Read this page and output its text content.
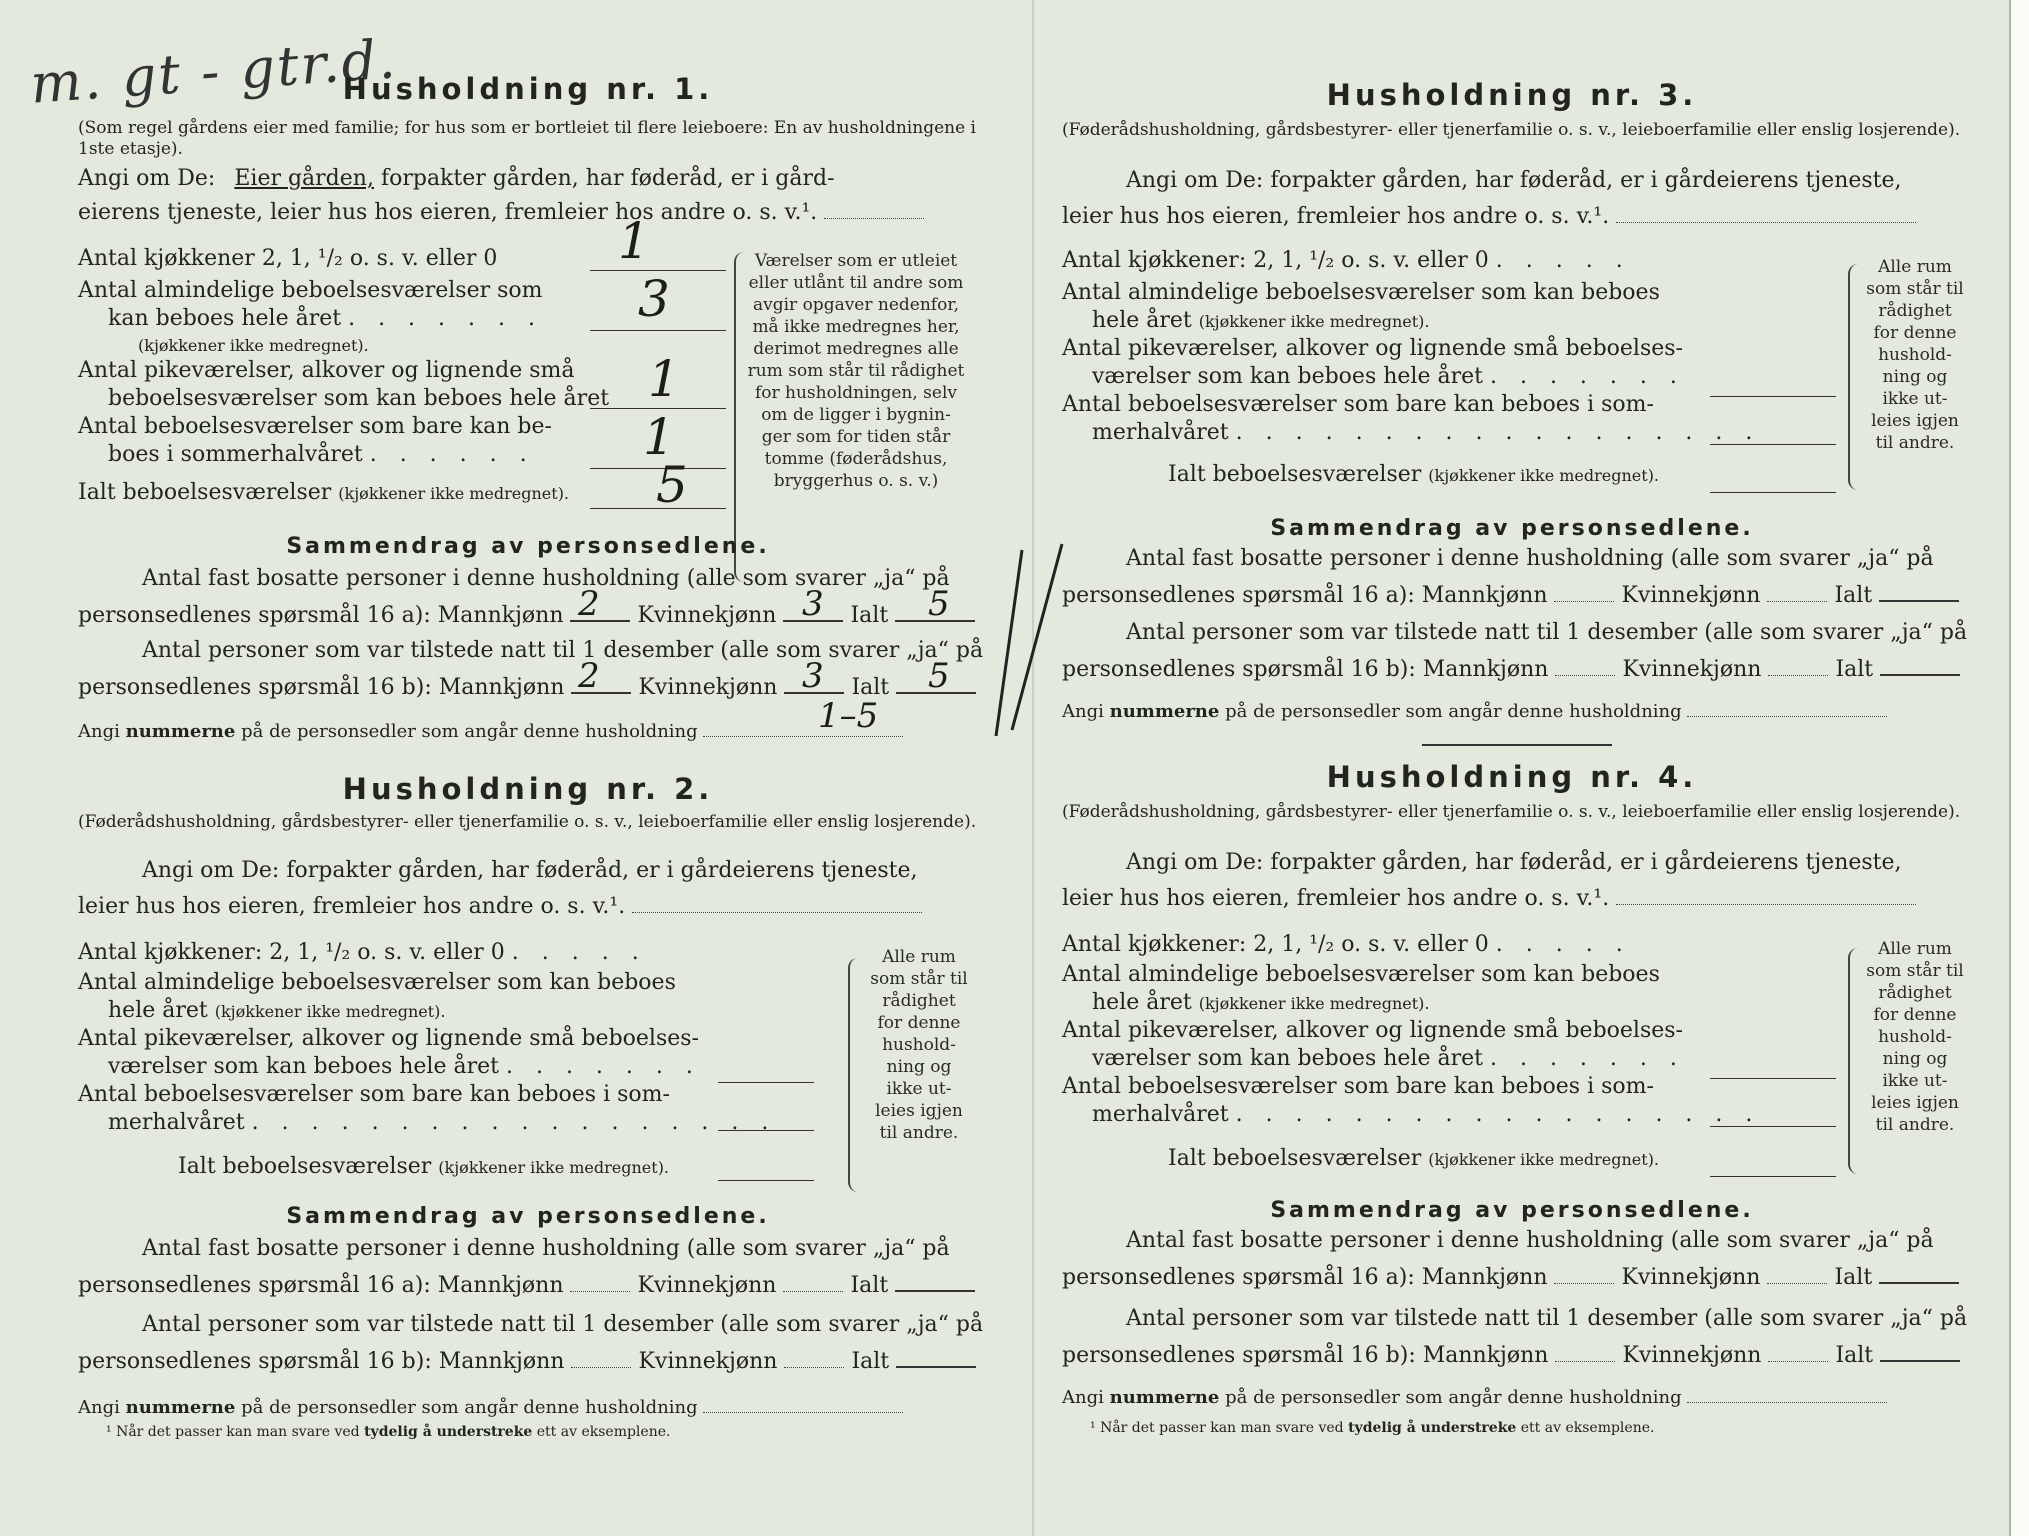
m. gt - gtr.d.
Husholdning nr. 1.
(Som regel gårdens eier med familie; for hus som er bortleiet til flere leieboere: En av husholdningene i 1ste etasje).
Angi om De: Eier gården, forpakter gården, har føderåd, er i gård-
eierens tjeneste, leier hus hos eieren, fremleier hos andre o. s. v.¹.
Antal kjøkkener 2, 1, ¹/₂ o. s. v. eller 0 1
Antal almindelige beboelsesværelser som
kan beboes hele året . . . . . . .
(kjøkkener ikke medregnet).
3
Antal pikeværelser, alkover og lignende små
beboelsesværelser som kan beboes hele året 1
Antal beboelsesværelser som bare kan be-
boes i sommerhalvåret . . . . . . 1
Ialt beboelsesværelser (kjøkkener ikke medregnet). 5
Værelser som er utleiet
eller utlånt til andre som
avgir opgaver nedenfor,
må ikke medregnes her,
derimot medregnes alle
rum som står til rådighet
for husholdningen, selv
om de ligger i bygnin-
ger som for tiden står
tomme (føderådshus,
bryggerhus o. s. v.)
Sammendrag av personsedlene.
Antal fast bosatte personer i denne husholdning (alle som svarer „ja“ på
personsedlenes spørsmål 16 a): Mannkjønn	Kvinnekjønn	Ialt
2	3	5
Antal personer som var tilstede natt til 1 desember (alle som svarer „ja“ på
personsedlenes spørsmål 16 b): Mannkjønn	Kvinnekjønn	Ialt
2	3	5
Angi nummerne på de personsedler som angår denne husholdning	1–5
Husholdning nr. 2.
(Føderådshusholdning, gårdsbestyrer- eller tjenerfamilie o. s. v., leieboerfamilie eller enslig losjerende).
Angi om De: forpakter gården, har føderåd, er i gårdeierens tjeneste,
leier hus hos eieren, fremleier hos andre o. s. v.¹.
Antal kjøkkener: 2, 1, ¹/₂ o. s. v. eller 0 . . . . .
Antal almindelige beboelsesværelser som kan beboes
hele året (kjøkkener ikke medregnet).
Antal pikeværelser, alkover og lignende små beboelses-
værelser som kan beboes hele året . . . . . . .
Antal beboelsesværelser som bare kan beboes i som-
merhalvåret . . . . . . . . . . . . . . . . . .
Ialt beboelsesværelser (kjøkkener ikke medregnet).
Alle rum
som står til
rådighet
for denne
hushold-
ning og
ikke ut-
leies igjen
til andre.
Sammendrag av personsedlene.
Antal fast bosatte personer i denne husholdning (alle som svarer „ja“ på
personsedlenes spørsmål 16 a): Mannkjønn	Kvinnekjønn	Ialt
Antal personer som var tilstede natt til 1 desember (alle som svarer „ja“ på
personsedlenes spørsmål 16 b): Mannkjønn	Kvinnekjønn	Ialt
Angi nummerne på de personsedler som angår denne husholdning
¹ Når det passer kan man svare ved tydelig å understreke ett av eksemplene.
Husholdning nr. 3.
(Føderådshusholdning, gårdsbestyrer- eller tjenerfamilie o. s. v., leieboerfamilie eller enslig losjerende).
Angi om De: forpakter gården, har føderåd, er i gårdeierens tjeneste,
leier hus hos eieren, fremleier hos andre o. s. v.¹.
Antal kjøkkener: 2, 1, ¹/₂ o. s. v. eller 0 . . . . .
Antal almindelige beboelsesværelser som kan beboes
hele året (kjøkkener ikke medregnet).
Antal pikeværelser, alkover og lignende små beboelses-
værelser som kan beboes hele året . . . . . . .
Antal beboelsesværelser som bare kan beboes i som-
merhalvåret . . . . . . . . . . . . . . . . . .
Ialt beboelsesværelser (kjøkkener ikke medregnet).
Alle rum
som står til
rådighet
for denne
hushold-
ning og
ikke ut-
leies igjen
til andre.
Sammendrag av personsedlene.
Antal fast bosatte personer i denne husholdning (alle som svarer „ja“ på
personsedlenes spørsmål 16 a): Mannkjønn	Kvinnekjønn	Ialt
Antal personer som var tilstede natt til 1 desember (alle som svarer „ja“ på
personsedlenes spørsmål 16 b): Mannkjønn	Kvinnekjønn	Ialt
Angi nummerne på de personsedler som angår denne husholdning
Husholdning nr. 4.
(Føderådshusholdning, gårdsbestyrer- eller tjenerfamilie o. s. v., leieboerfamilie eller enslig losjerende).
Angi om De: forpakter gården, har føderåd, er i gårdeierens tjeneste,
leier hus hos eieren, fremleier hos andre o. s. v.¹.
Antal kjøkkener: 2, 1, ¹/₂ o. s. v. eller 0 . . . . .
Antal almindelige beboelsesværelser som kan beboes
hele året (kjøkkener ikke medregnet).
Antal pikeværelser, alkover og lignende små beboelses-
værelser som kan beboes hele året . . . . . . .
Antal beboelsesværelser som bare kan beboes i som-
merhalvåret . . . . . . . . . . . . . . . . . .
Ialt beboelsesværelser (kjøkkener ikke medregnet).
Alle rum
som står til
rådighet
for denne
hushold-
ning og
ikke ut-
leies igjen
til andre.
Sammendrag av personsedlene.
Antal fast bosatte personer i denne husholdning (alle som svarer „ja“ på
personsedlenes spørsmål 16 a): Mannkjønn	Kvinnekjønn	Ialt
Antal personer som var tilstede natt til 1 desember (alle som svarer „ja“ på
personsedlenes spørsmål 16 b): Mannkjønn	Kvinnekjønn	Ialt
Angi nummerne på de personsedler som angår denne husholdning
¹ Når det passer kan man svare ved tydelig å understreke ett av eksemplene.
